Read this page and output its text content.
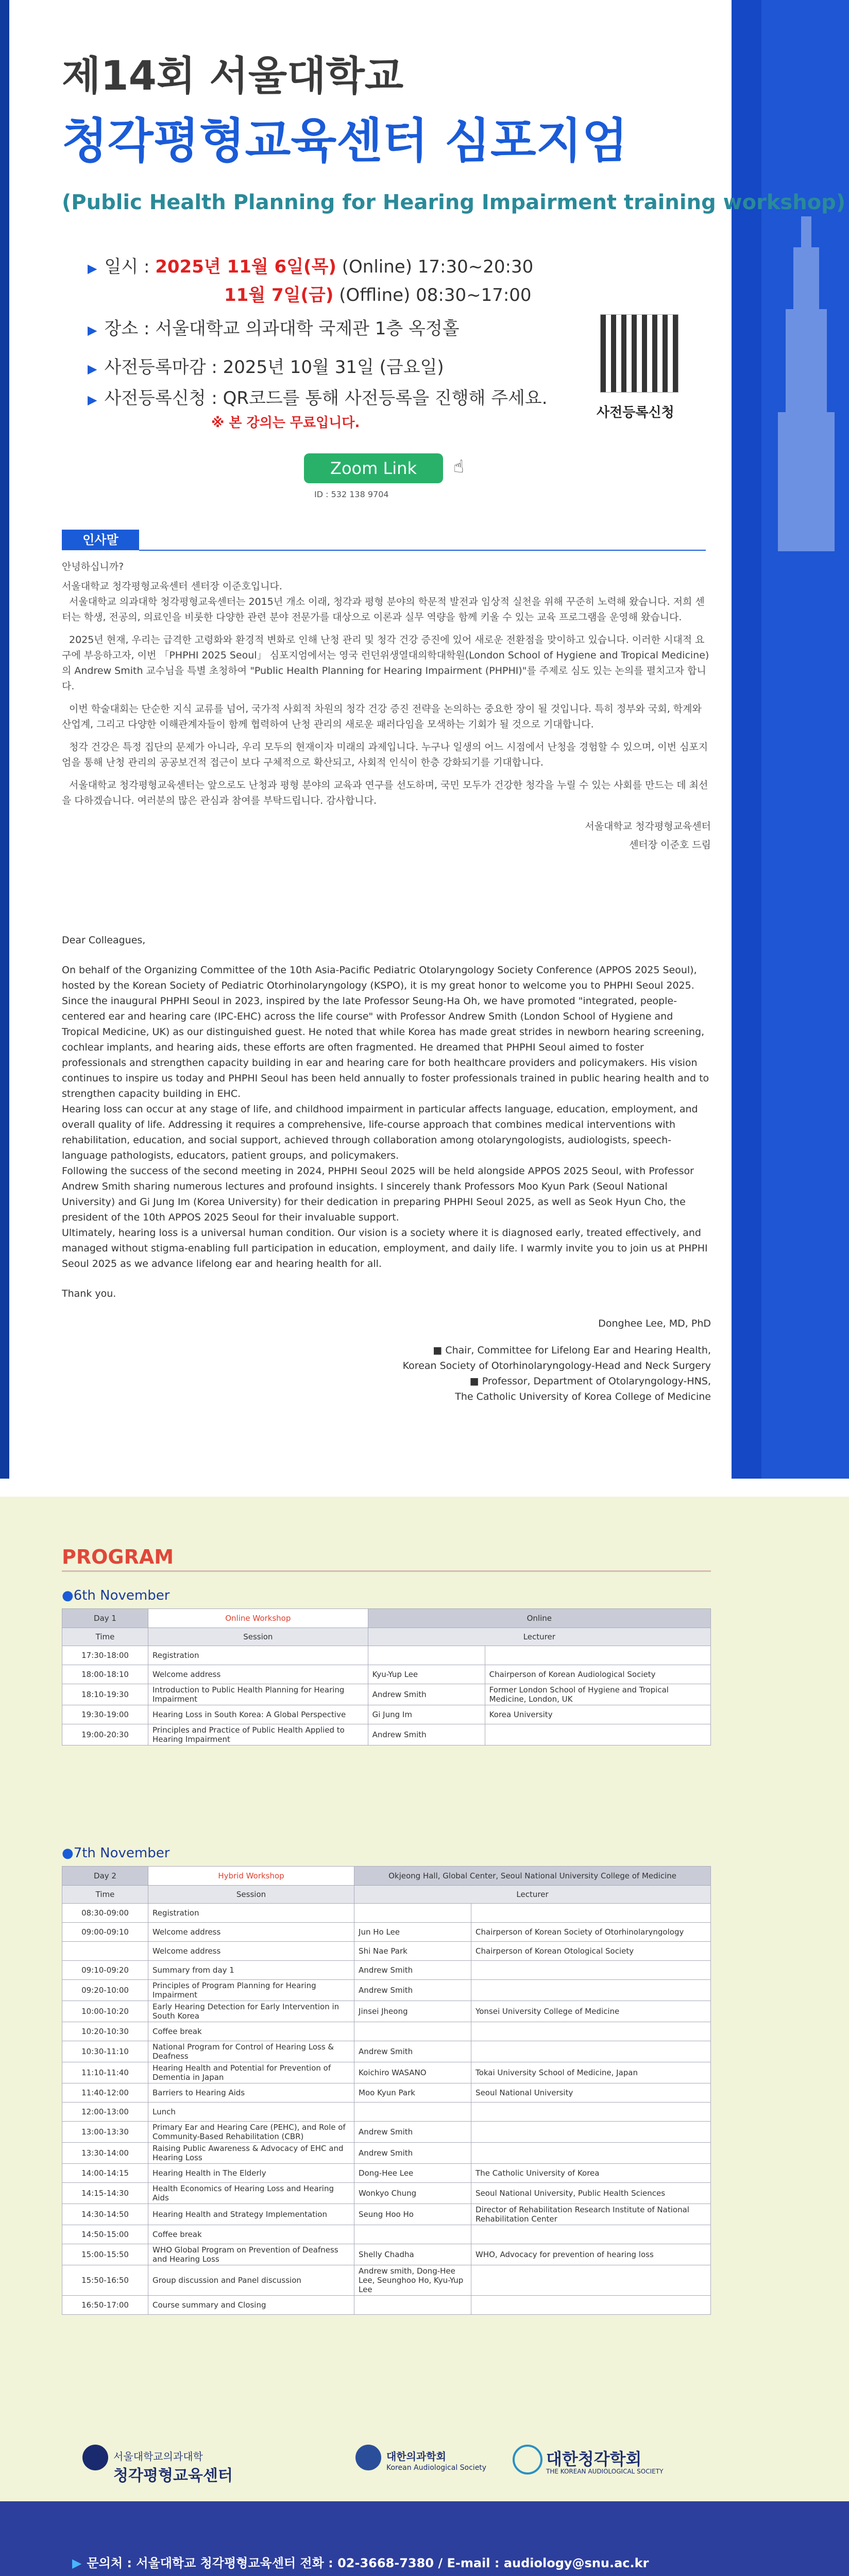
제14회 서울대학교
청각평형교육센터 심포지엄
(Public Health Planning for Hearing Impairment training workshop)
▶ 일시 : 2025년 11월 6일(목) (Online) 17:30~20:30
11월 7일(금) (Offline) 08:30~17:00
▶ 장소 : 서울대학교 의과대학 국제관 1층 옥정홀
▶ 사전등록마감 : 2025년 10월 31일 (금요일)
▶ 사전등록신청 : QR코드를 통해 사전등록을 진행해 주세요.
※ 본 강의는 무료입니다.
사전등록신청
Zoom Link	☝
ID : 532 138 9704
인사말
안녕하십니까?
서울대학교 청각평형교육센터 센터장 이준호입니다.
서울대학교 의과대학 청각평형교육센터는 2015년 개소 이래, 청각과 평형 분야의 학문적 발전과 임상적 실천을 위해 꾸준히 노력해 왔습니다. 저희 센터는 학생, 전공의, 의료인을 비롯한 다양한 관련 분야 전문가를 대상으로 이론과 실무 역량을 함께 키울 수 있는 교육 프로그램을 운영해 왔습니다.
2025년 현재, 우리는 급격한 고령화와 환경적 변화로 인해 난청 관리 및 청각 건강 증진에 있어 새로운 전환점을 맞이하고 있습니다. 이러한 시대적 요구에 부응하고자, 이번 「PHPHI 2025 Seoul」 심포지엄에서는 영국 런던위생열대의학대학원(London School of Hygiene and Tropical Medicine)의 Andrew Smith 교수님을 특별 초청하여 "Public Health Planning for Hearing Impairment (PHPHI)"를 주제로 심도 있는 논의를 펼치고자 합니다.
이번 학술대회는 단순한 지식 교류를 넘어, 국가적 사회적 차원의 청각 건강 증진 전략을 논의하는 중요한 장이 될 것입니다. 특히 정부와 국회, 학계와 산업계, 그리고 다양한 이해관계자들이 함께 협력하여 난청 관리의 새로운 패러다임을 모색하는 기회가 될 것으로 기대합니다.
청각 건강은 특정 집단의 문제가 아니라, 우리 모두의 현재이자 미래의 과제입니다. 누구나 일생의 어느 시점에서 난청을 경험할 수 있으며, 이번 심포지엄을 통해 난청 관리의 공공보건적 접근이 보다 구체적으로 확산되고, 사회적 인식이 한층 강화되기를 기대합니다.
서울대학교 청각평형교육센터는 앞으로도 난청과 평형 분야의 교육과 연구를 선도하며, 국민 모두가 건강한 청각을 누릴 수 있는 사회를 만드는 데 최선을 다하겠습니다. 여러분의 많은 관심과 참여를 부탁드립니다. 감사합니다.
서울대학교 청각평형교육센터
센터장 이준호 드림
Dear Colleagues,
On behalf of the Organizing Committee of the 10th Asia-Pacific Pediatric Otolaryngology Society Conference (APPOS 2025 Seoul), hosted by the Korean Society of Pediatric Otorhinolaryngology (KSPO), it is my great honor to welcome you to PHPHI Seoul 2025.
Since the inaugural PHPHI Seoul in 2023, inspired by the late Professor Seung-Ha Oh, we have promoted "integrated, people-centered ear and hearing care (IPC-EHC) across the life course" with Professor Andrew Smith (London School of Hygiene and Tropical Medicine, UK) as our distinguished guest. He noted that while Korea has made great strides in newborn hearing screening, cochlear implants, and hearing aids, these efforts are often fragmented. He dreamed that PHPHI Seoul aimed to foster professionals and strengthen capacity building in ear and hearing care for both healthcare providers and policymakers. His vision continues to inspire us today and PHPHI Seoul has been held annually to foster professionals trained in public hearing health and to strengthen capacity building in EHC.
Hearing loss can occur at any stage of life, and childhood impairment in particular affects language, education, employment, and overall quality of life. Addressing it requires a comprehensive, life-course approach that combines medical interventions with rehabilitation, education, and social support, achieved through collaboration among otolaryngologists, audiologists, speech-language pathologists, educators, patient groups, and policymakers.
Following the success of the second meeting in 2024, PHPHI Seoul 2025 will be held alongside APPOS 2025 Seoul, with Professor Andrew Smith sharing numerous lectures and profound insights. I sincerely thank Professors Moo Kyun Park (Seoul National University) and Gi Jung Im (Korea University) for their dedication in preparing PHPHI Seoul 2025, as well as Seok Hyun Cho, the president of the 10th APPOS 2025 Seoul for their invaluable support.
Ultimately, hearing loss is a universal human condition. Our vision is a society where it is diagnosed early, treated effectively, and managed without stigma-enabling full participation in education, employment, and daily life. I warmly invite you to join us at PHPHI Seoul 2025 as we advance lifelong ear and hearing health for all.
Thank you.
Donghee Lee, MD, PhD
■ Chair, Committee for Lifelong Ear and Hearing Health,
Korean Society of Otorhinolaryngology-Head and Neck Surgery
■ Professor, Department of Otolaryngology-HNS,
The Catholic University of Korea College of Medicine
PROGRAM
●6th November
Day 1	Online Workshop	Online	
Time	Session	Lecturer	
17:30-18:00	Registration		
18:00-18:10	Welcome address	Kyu-Yup Lee	Chairperson of Korean Audiological Society
18:10-19:30	Introduction to Public Health Planning for Hearing Impairment	Andrew Smith	Former London School of Hygiene and Tropical Medicine, London, UK
19:30-19:00	Hearing Loss in South Korea: A Global Perspective	Gi Jung Im	Korea University
19:00-20:30	Principles and Practice of Public Health Applied to Hearing Impairment	Andrew Smith	
●7th November
Day 2	Hybrid Workshop	Okjeong Hall, Global Center, Seoul National University College of Medicine	
Time	Session	Lecturer	
08:30-09:00	Registration		
09:00-09:10	Welcome address	Jun Ho Lee	Chairperson of Korean Society of Otorhinolaryngology
	Welcome address	Shi Nae Park	Chairperson of Korean Otological Society
09:10-09:20	Summary from day 1	Andrew Smith	
09:20-10:00	Principles of Program Planning for Hearing Impairment	Andrew Smith	
10:00-10:20	Early Hearing Detection for Early Intervention in South Korea	Jinsei Jheong	Yonsei University College of Medicine
10:20-10:30	Coffee break		
10:30-11:10	National Program for Control of Hearing Loss & Deafness	Andrew Smith	
11:10-11:40	Hearing Health and Potential for Prevention of Dementia in Japan	Koichiro WASANO	Tokai University School of Medicine, Japan
11:40-12:00	Barriers to Hearing Aids	Moo Kyun Park	Seoul National University
12:00-13:00	Lunch		
13:00-13:30	Primary Ear and Hearing Care (PEHC), and Role of Community-Based Rehabilitation (CBR)	Andrew Smith	
13:30-14:00	Raising Public Awareness & Advocacy of EHC and Hearing Loss	Andrew Smith	
14:00-14:15	Hearing Health in The Elderly	Dong-Hee Lee	The Catholic University of Korea
14:15-14:30	Health Economics of Hearing Loss and Hearing Aids	Wonkyo Chung	Seoul National University, Public Health Sciences
14:30-14:50	Hearing Health and Strategy Implementation	Seung Hoo Ho	Director of Rehabilitation Research Institute of National Rehabilitation Center
14:50-15:00	Coffee break		
15:00-15:50	WHO Global Program on Prevention of Deafness and Hearing Loss	Shelly Chadha	WHO, Advocacy for prevention of hearing loss
15:50-16:50	Group discussion and Panel discussion	Andrew smith, Dong-Hee Lee, Seunghoo Ho, Kyu-Yup Lee	
16:50-17:00	Course summary and Closing		
서울대학교의과대학
청각평형교육센터
대한의과학회
Korean Audiological Society	대한청각학회
THE KOREAN AUDIOLOGICAL SOCIETY
▶ 문의처 : 서울대학교 청각평형교육센터 전화 : 02-3668-7380 / E-mail : audiology@snu.ac.kr
